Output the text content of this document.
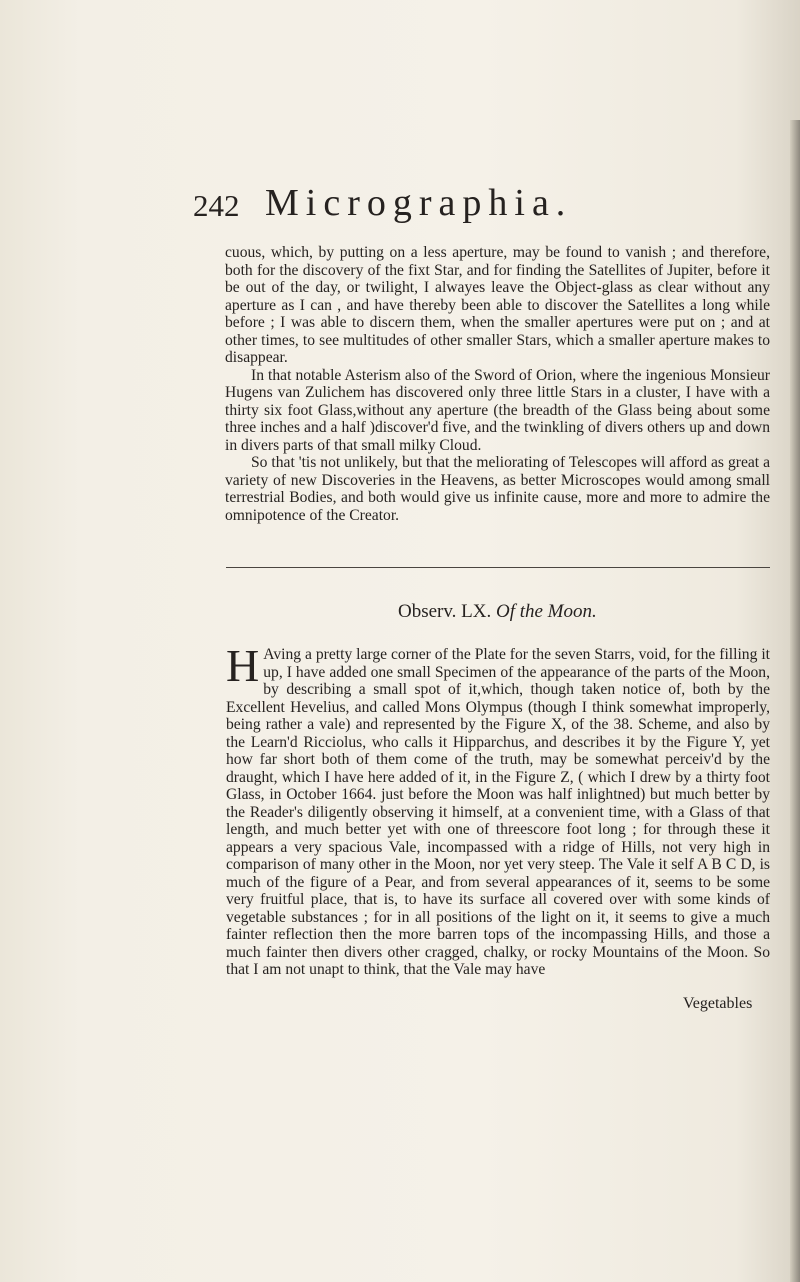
242 Micrographia.

cuous, which, by putting on a less aperture, may be found to vanish ; and therefore, both for the discovery of the fixt Star, and for finding the Satellites of Jupiter, before it be out of the day, or twilight, I alwayes leave the Object-glass as clear without any aperture as I can , and have thereby been able to discover the Satellites a long while before ; I was able to discern them, when the smaller apertures were put on ; and at other times, to see multitudes of other smaller Stars, which a smaller aperture makes to disappear.

In that notable Asterism also of the Sword of Orion, where the ingenious Monsieur Hugens van Zulichem has discovered only three little Stars in a cluster, I have with a thirty six foot Glass,without any aperture (the breadth of the Glass being about some three inches and a half )discover'd five, and the twinkling of divers others up and down in divers parts of that small milky Cloud.

So that 'tis not unlikely, but that the meliorating of Telescopes will afford as great a variety of new Discoveries in the Heavens, as better Microscopes would among small terrestrial Bodies, and both would give us infinite cause, more and more to admire the omnipotence of the Creator.

Observ. LX. Of the Moon.

H Aving a pretty large corner of the Plate for the seven Starrs, void, for the filling it up, I have added one small Specimen of the appearance of the parts of the Moon, by describing a small spot of it,which, though taken notice of, both by the Excellent Hevelius, and called Mons Olympus (though I think somewhat improperly, being rather a vale) and represented by the Figure X, of the 38. Scheme, and also by the Learn'd Ricciolus, who calls it Hipparchus, and describes it by the Figure Y, yet how far short both of them come of the truth, may be somewhat perceiv'd by the draught, which I have here added of it, in the Figure Z, ( which I drew by a thirty foot Glass, in October 1664. just before the Moon was half inlightned) but much better by the Reader's diligently observing it himself, at a convenient time, with a Glass of that length, and much better yet with one of threescore foot long ; for through these it appears a very spacious Vale, incompassed with a ridge of Hills, not very high in comparison of many other in the Moon, nor yet very steep. The Vale it self A B C D, is much of the figure of a Pear, and from several appearances of it, seems to be some very fruitful place, that is, to have its surface all covered over with some kinds of vegetable substances ; for in all positions of the light on it, it seems to give a much fainter reflection then the more barren tops of the incompassing Hills, and those a much fainter then divers other cragged, chalky, or rocky Mountains of the Moon. So that I am not unapt to think, that the Vale may have

Vegetables
